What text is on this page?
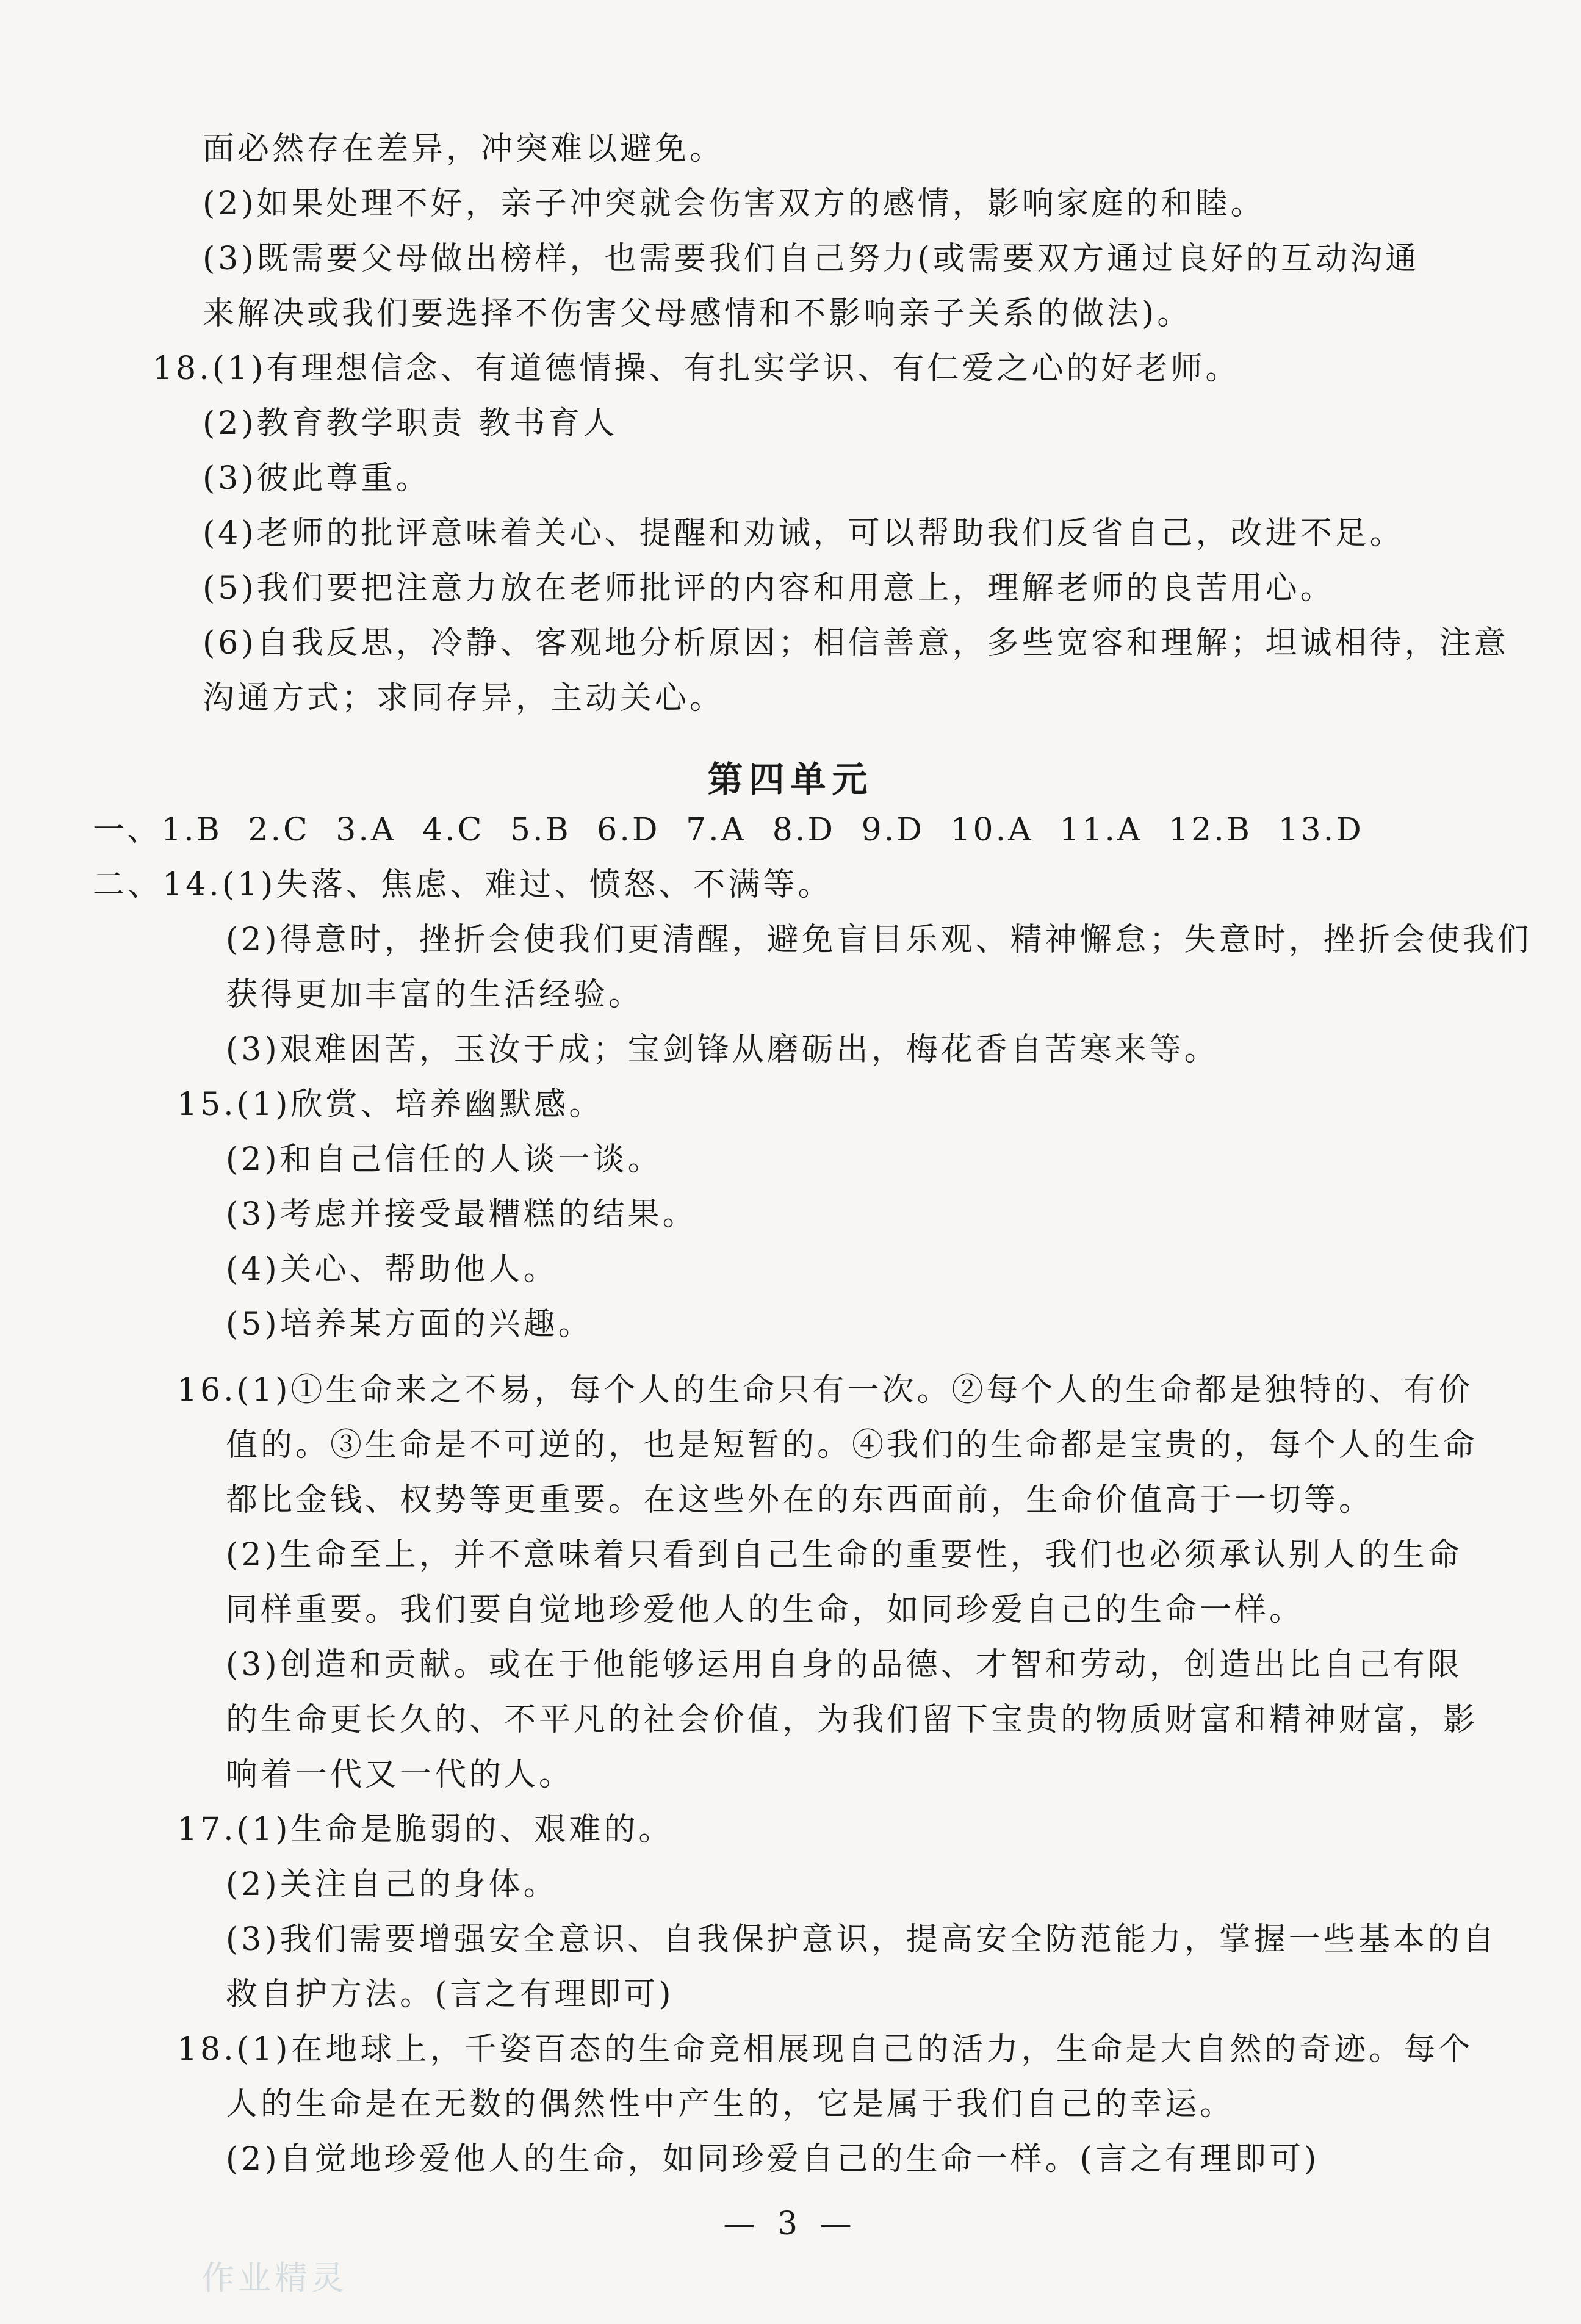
面必然存在差异，冲突难以避免。
(2)如果处理不好，亲子冲突就会伤害双方的感情，影响家庭的和睦。
(3)既需要父母做出榜样，也需要我们自己努力(或需要双方通过良好的互动沟通
来解决或我们要选择不伤害父母感情和不影响亲子关系的做法)。
18.(1)有理想信念、有道德情操、有扎实学识、有仁爱之心的好老师。
(2)教育教学职责 教书育人
(3)彼此尊重。
(4)老师的批评意味着关心、提醒和劝诫，可以帮助我们反省自己，改进不足。
(5)我们要把注意力放在老师批评的内容和用意上，理解老师的良苦用心。
(6)自我反思，冷静、客观地分析原因；相信善意，多些宽容和理解；坦诚相待，注意
沟通方式；求同存异，主动关心。
第四单元
一、1.B 2.C 3.A 4.C 5.B 6.D 7.A 8.D 9.D 10.A 11.A 12.B 13.D
二、14.(1)失落、焦虑、难过、愤怒、不满等。
(2)得意时，挫折会使我们更清醒，避免盲目乐观、精神懈怠；失意时，挫折会使我们
获得更加丰富的生活经验。
(3)艰难困苦，玉汝于成；宝剑锋从磨砺出，梅花香自苦寒来等。
15.(1)欣赏、培养幽默感。
(2)和自己信任的人谈一谈。
(3)考虑并接受最糟糕的结果。
(4)关心、帮助他人。
(5)培养某方面的兴趣。
16.(1)①生命来之不易，每个人的生命只有一次。②每个人的生命都是独特的、有价
值的。③生命是不可逆的，也是短暂的。④我们的生命都是宝贵的，每个人的生命
都比金钱、权势等更重要。在这些外在的东西面前，生命价值高于一切等。
(2)生命至上，并不意味着只看到自己生命的重要性，我们也必须承认别人的生命
同样重要。我们要自觉地珍爱他人的生命，如同珍爱自己的生命一样。
(3)创造和贡献。或在于他能够运用自身的品德、才智和劳动，创造出比自己有限
的生命更长久的、不平凡的社会价值，为我们留下宝贵的物质财富和精神财富，影
响着一代又一代的人。
17.(1)生命是脆弱的、艰难的。
(2)关注自己的身体。
(3)我们需要增强安全意识、自我保护意识，提高安全防范能力，掌握一些基本的自
救自护方法。(言之有理即可)
18.(1)在地球上，千姿百态的生命竞相展现自己的活力，生命是大自然的奇迹。每个
人的生命是在无数的偶然性中产生的，它是属于我们自己的幸运。
(2)自觉地珍爱他人的生命，如同珍爱自己的生命一样。(言之有理即可)
— 3 —
作业精灵
